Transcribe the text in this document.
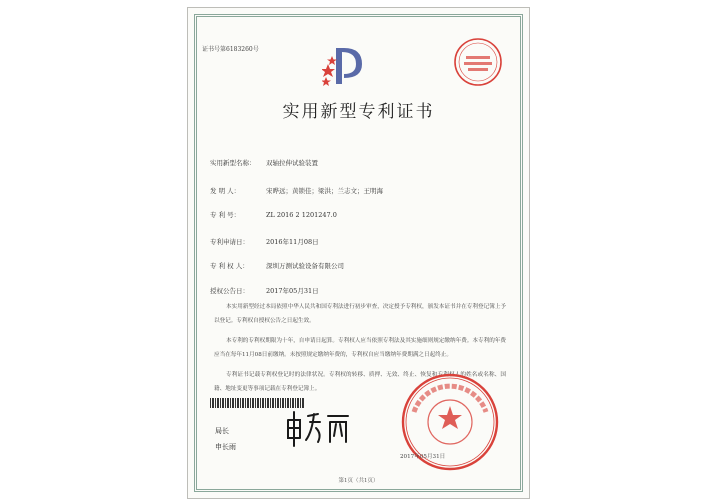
证书号第6183260号
实用新型专利证书
实用新型名称： 双轴拉伸试验装置
发 明 人：	宋晔远；黄锁佳；梁洪；兰志文；王明海
专 利 号：	ZL 2016 2 1201247.0
专利申请日：	2016年11月08日
专 利 权 人：	深圳万测试验设备有限公司
授权公告日：	2017年05月31日

本实用新型经过本局依照中华人民共和国专利法进行初步审查，决定授予专利权，颁发本证书并在专利登记簿上予以登记。专利权自授权公告之日起生效。

本专利的专利权期限为十年，自申请日起算。专利权人应当依照专利法及其实施细则规定缴纳年费。本专利的年费应当在每年11月08日前缴纳。未按照规定缴纳年费的，专利权自应当缴纳年费期满之日起终止。

专利证书记载专利权登记时的法律状况。专利权的转移、质押、无效、终止、恢复和专利权人的姓名或名称、国籍、地址变更等事项记载在专利登记簿上。

局长
申长雨
2017年05月31日
第1页（共1页）
